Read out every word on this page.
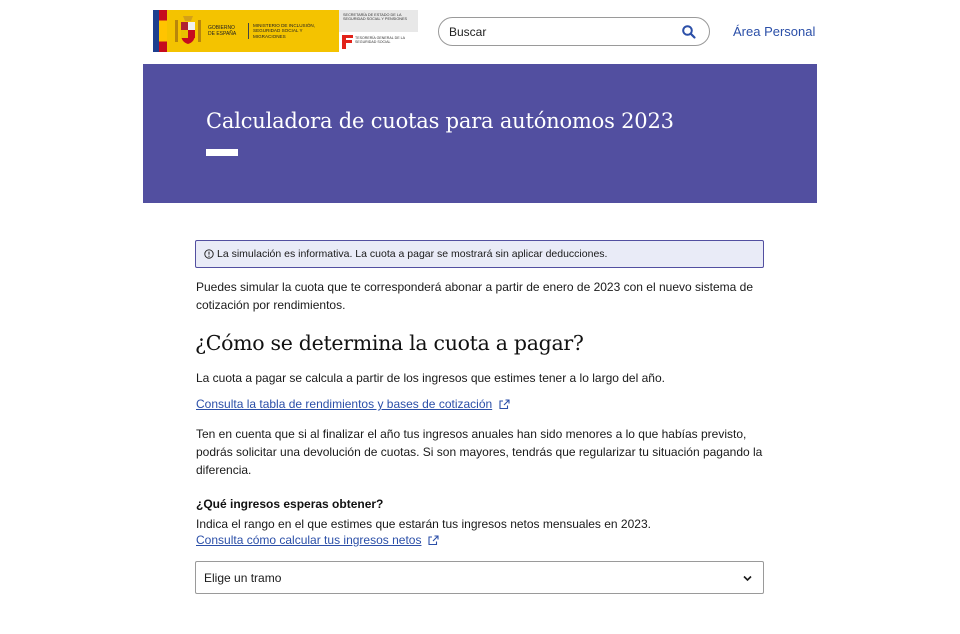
GOBIERNO DE ESPAÑA
MINISTERIO DE INCLUSIÓN, SEGURIDAD SOCIAL Y MIGRACIONES
SECRETARÍA DE ESTADO DE LA SEGURIDAD SOCIAL Y PENSIONES
TESORERÍA GENERAL DE LA SEGURIDAD SOCIAL
Buscar
Área Personal
Calculadora de cuotas para autónomos 2023
La simulación es informativa. La cuota a pagar se mostrará sin aplicar deducciones.

Puedes simular la cuota que te corresponderá abonar a partir de enero de 2023 con el nuevo sistema de cotización por rendimientos.

¿Cómo se determina la cuota a pagar?

La cuota a pagar se calcula a partir de los ingresos que estimes tener a lo largo del año.

Consulta la tabla de rendimientos y bases de cotización

Ten en cuenta que si al finalizar el año tus ingresos anuales han sido menores a lo que habías previsto, podrás solicitar una devolución de cuotas. Si son mayores, tendrás que regularizar tu situación pagando la diferencia.

¿Qué ingresos esperas obtener?

Indica el rango en el que estimes que estarán tus ingresos netos mensuales en 2023.

Consulta cómo calcular tus ingresos netos
Elige un tramo
